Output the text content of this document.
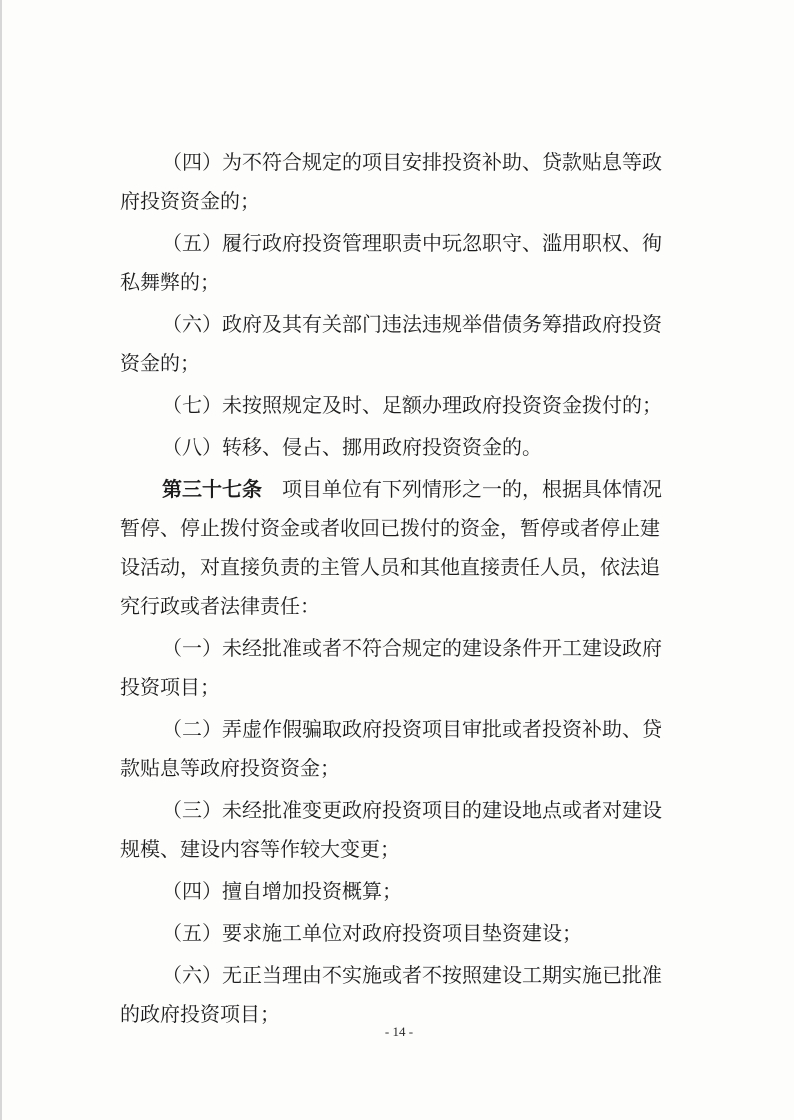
（四）为不符合规定的项目安排投资补助、贷款贴息等政
府投资资金的；
（五）履行政府投资管理职责中玩忽职守、滥用职权、徇
私舞弊的；
（六）政府及其有关部门违法违规举借债务筹措政府投资
资金的；
（七）未按照规定及时、足额办理政府投资资金拨付的；
（八）转移、侵占、挪用政府投资资金的。
第三十七条  项目单位有下列情形之一的，根据具体情况
暂停、停止拨付资金或者收回已拨付的资金，暂停或者停止建
设活动，对直接负责的主管人员和其他直接责任人员，依法追
究行政或者法律责任：
（一）未经批准或者不符合规定的建设条件开工建设政府
投资项目；
（二）弄虚作假骗取政府投资项目审批或者投资补助、贷
款贴息等政府投资资金；
（三）未经批准变更政府投资项目的建设地点或者对建设
规模、建设内容等作较大变更；
（四）擅自增加投资概算；
（五）要求施工单位对政府投资项目垫资建设；
（六）无正当理由不实施或者不按照建设工期实施已批准
的政府投资项目；
- 14 -
